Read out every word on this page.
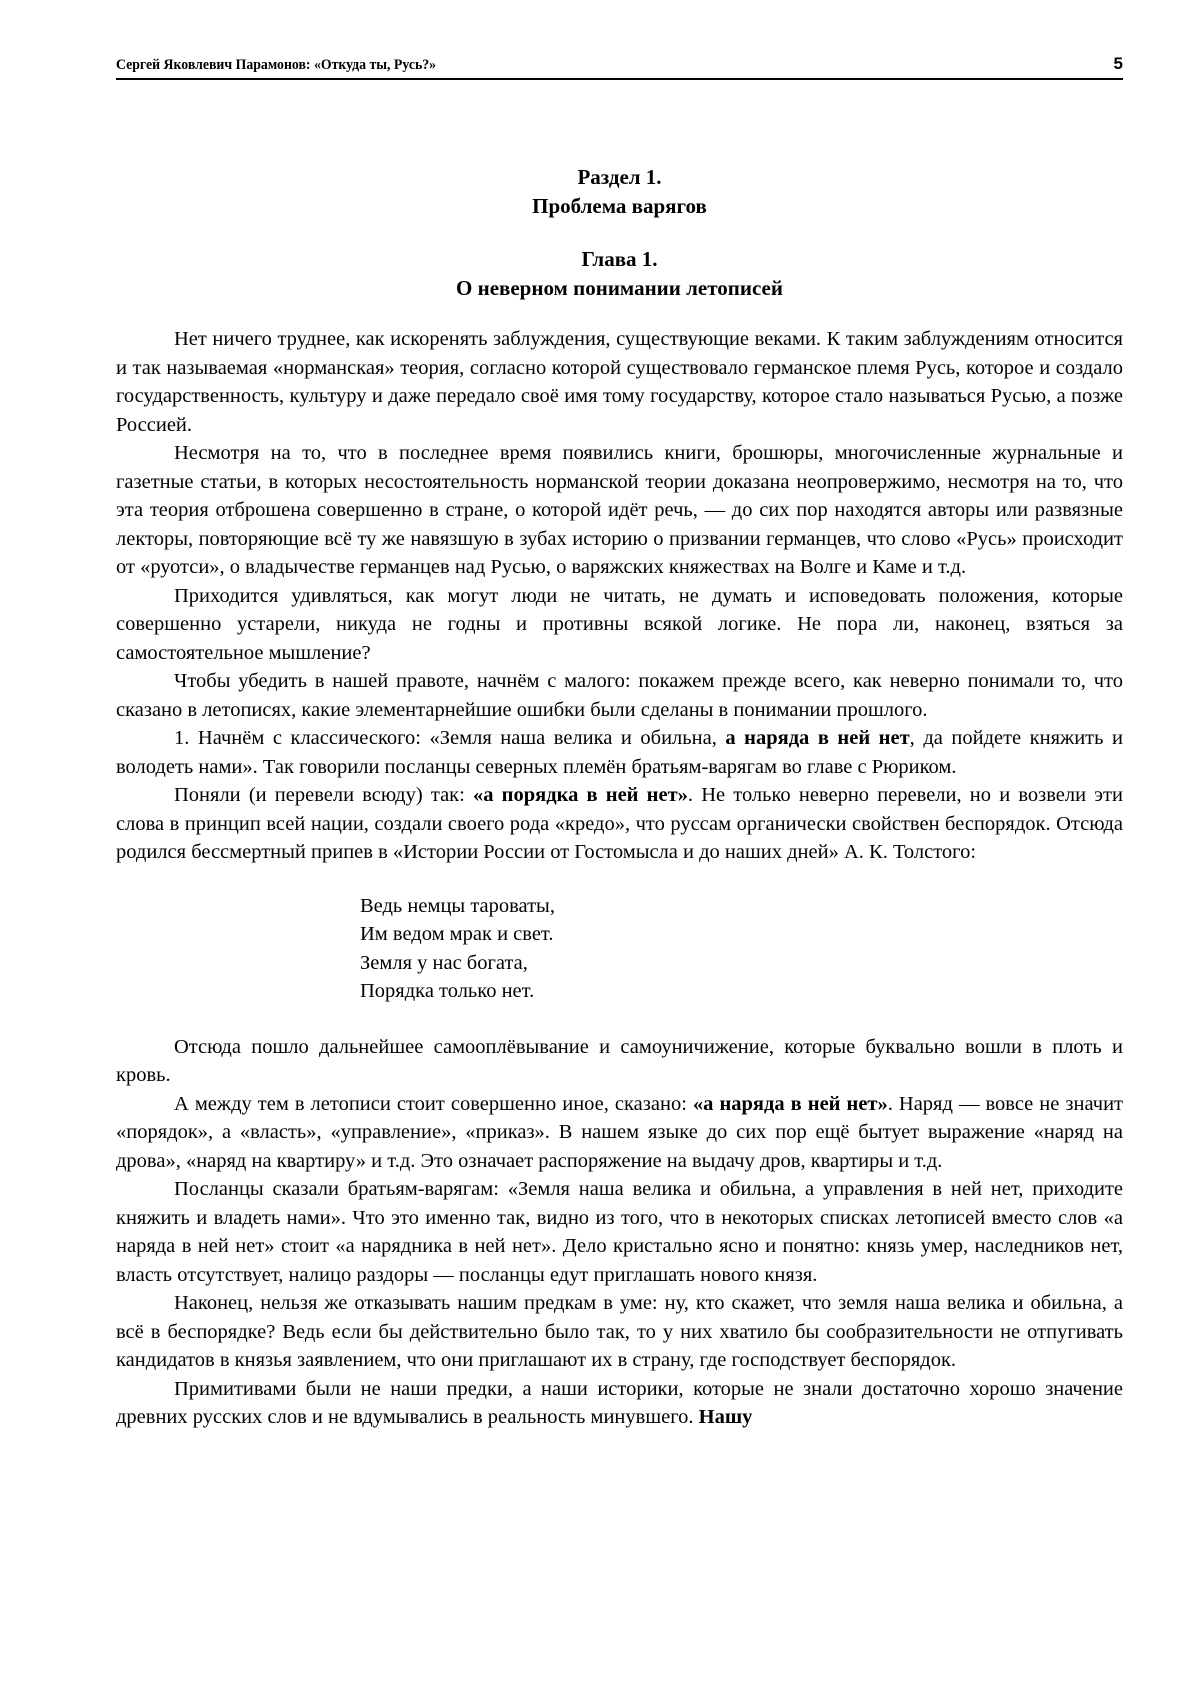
Сергей Яковлевич Парамонов: «Откуда ты, Русь?»	5
Раздел 1.
Проблема варягов
Глава 1.
О неверном понимании летописей

Нет ничего труднее, как искоренять заблуждения, существующие веками. К таким заблуждениям относится и так называемая «норманская» теория, согласно которой существовало германское племя Русь, которое и создало государственность, культуру и даже передало своё имя тому государству, которое стало называться Русью, а позже Россией.

Несмотря на то, что в последнее время появились книги, брошюры, многочисленные журнальные и газетные статьи, в которых несостоятельность норманской теории доказана неопровержимо, несмотря на то, что эта теория отброшена совершенно в стране, о которой идёт речь, — до сих пор находятся авторы или развязные лекторы, повторяющие всё ту же навязшую в зубах историю о призвании германцев, что слово «Русь» происходит от «руотси», о владычестве германцев над Русью, о варяжских княжествах на Волге и Каме и т.д.

Приходится удивляться, как могут люди не читать, не думать и исповедовать положения, которые совершенно устарели, никуда не годны и противны всякой логике. Не пора ли, наконец, взяться за самостоятельное мышление?

Чтобы убедить в нашей правоте, начнём с малого: покажем прежде всего, как неверно понимали то, что сказано в летописях, какие элементарнейшие ошибки были сделаны в понимании прошлого.

1. Начнём с классического: «Земля наша велика и обильна, а наряда в ней нет, да пойдете княжить и володеть нами». Так говорили посланцы северных племён братьям-варягам во главе с Рюриком.

Поняли (и перевели всюду) так: «а порядка в ней нет». Не только неверно перевели, но и возвели эти слова в принцип всей нации, создали своего рода «кредо», что руссам органически свойствен беспорядок. Отсюда родился бессмертный припев в «Истории России от Гостомысла и до наших дней» А. К. Толстого:

Ведь немцы тароваты,
Им ведом мрак и свет.
Земля у нас богата,
Порядка только нет.

Отсюда пошло дальнейшее самооплёвывание и самоуничижение, которые буквально вошли в плоть и кровь.

А между тем в летописи стоит совершенно иное, сказано: «а наряда в ней нет». Наряд — вовсе не значит «порядок», а «власть», «управление», «приказ». В нашем языке до сих пор ещё бытует выражение «наряд на дрова», «наряд на квартиру» и т.д. Это означает распоряжение на выдачу дров, квартиры и т.д.

Посланцы сказали братьям-варягам: «Земля наша велика и обильна, а управления в ней нет, приходите княжить и владеть нами». Что это именно так, видно из того, что в некоторых списках летописей вместо слов «а наряда в ней нет» стоит «а нарядника в ней нет». Дело кристально ясно и понятно: князь умер, наследников нет, власть отсутствует, налицо раздоры — посланцы едут приглашать нового князя.

Наконец, нельзя же отказывать нашим предкам в уме: ну, кто скажет, что земля наша велика и обильна, а всё в беспорядке? Ведь если бы действительно было так, то у них хватило бы сообразительности не отпугивать кандидатов в князья заявлением, что они приглашают их в страну, где господствует беспорядок.

Примитивами были не наши предки, а наши историки, которые не знали достаточно хорошо значение древних русских слов и не вдумывались в реальность минувшего. Нашу
